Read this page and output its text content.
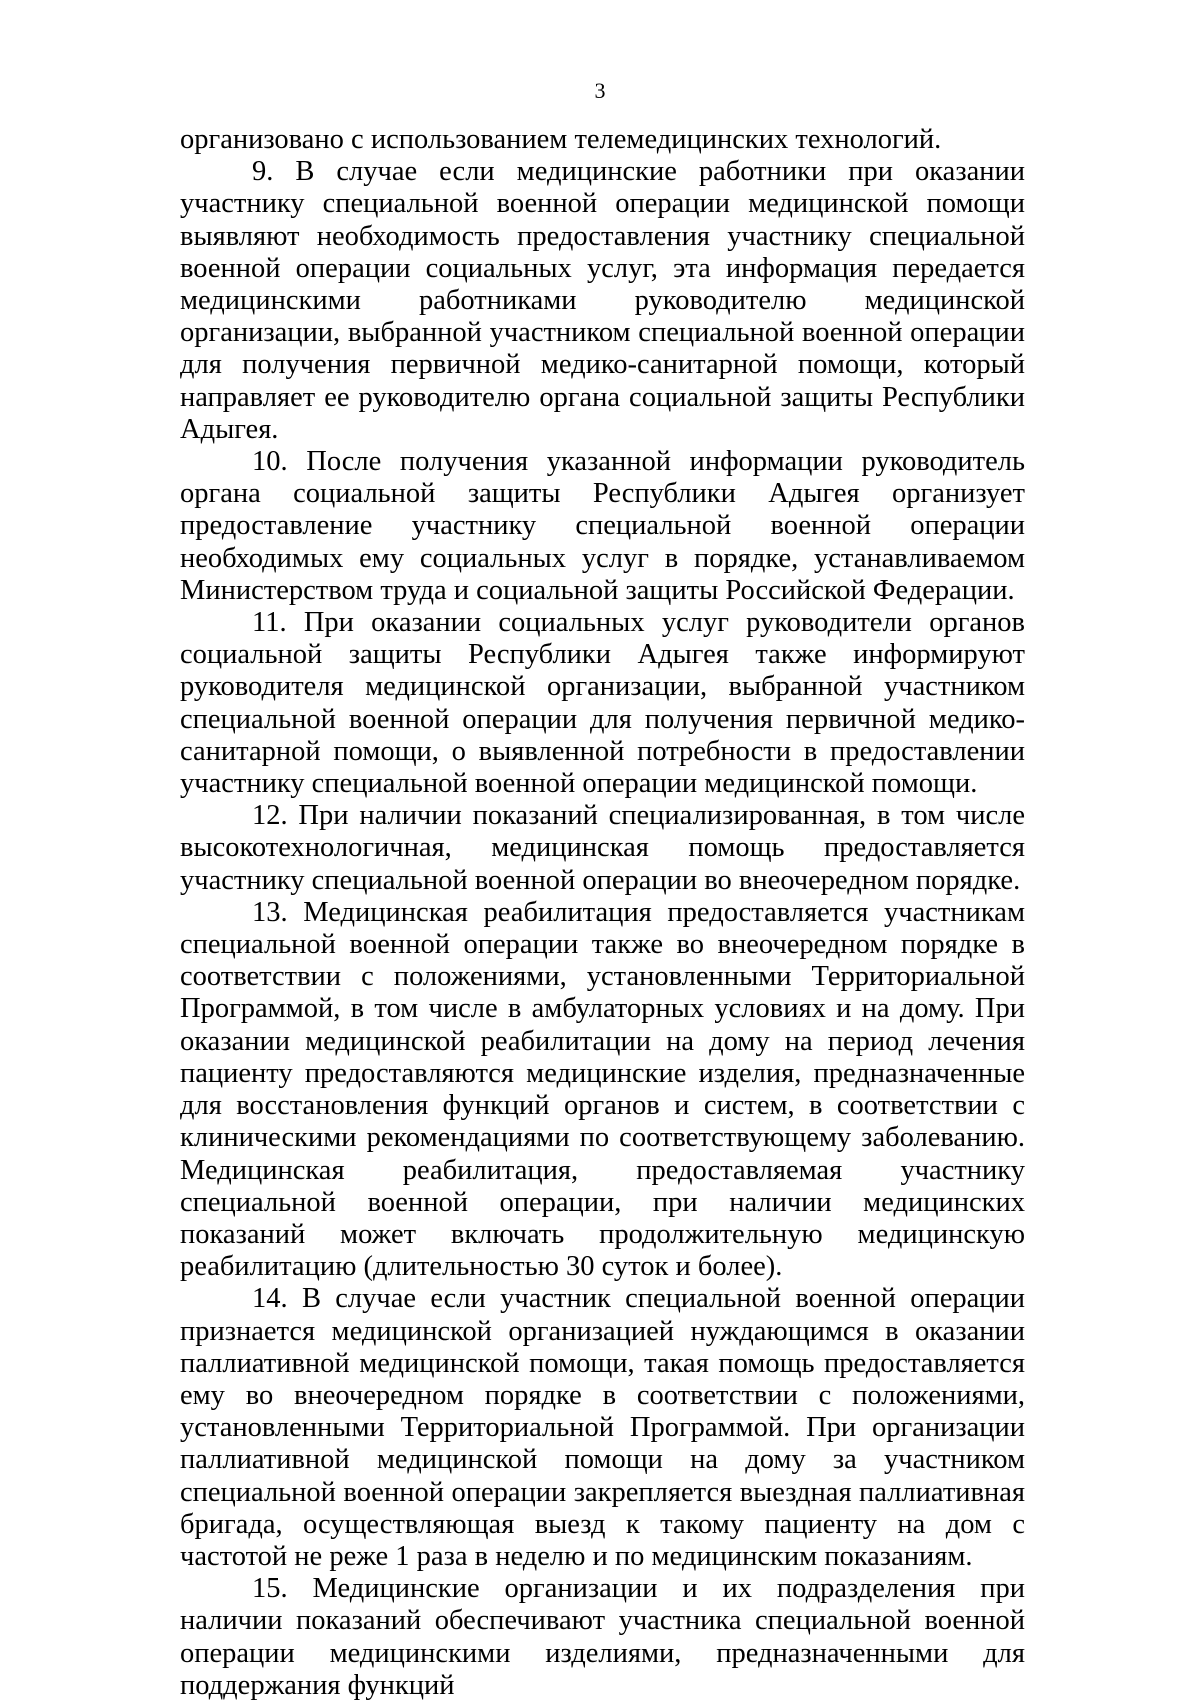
3

организовано с использованием телемедицинских технологий.

9. В случае если медицинские работники при оказании участнику специальной военной операции медицинской помощи выявляют необходимость предоставления участнику специальной военной операции социальных услуг, эта информация передается медицинскими работниками руководителю медицинской организации, выбранной участником специальной военной операции для получения первичной медико-санитарной помощи, который направляет ее руководителю органа социальной защиты Республики Адыгея.

10. После получения указанной информации руководитель органа социальной защиты Республики Адыгея организует предоставление участнику специальной военной операции необходимых ему социальных услуг в порядке, устанавливаемом Министерством труда и социальной защиты Российской Федерации.

11. При оказании социальных услуг руководители органов социальной защиты Республики Адыгея также информируют руководителя медицинской организации, выбранной участником специальной военной операции для получения первичной медико-санитарной помощи, о выявленной потребности в предоставлении участнику специальной военной операции медицинской помощи.

12. При наличии показаний специализированная, в том числе высокотехнологичная, медицинская помощь предоставляется участнику специальной военной операции во внеочередном порядке.

13. Медицинская реабилитация предоставляется участникам специальной военной операции также во внеочередном порядке в соответствии с положениями, установленными Территориальной Программой, в том числе в амбулаторных условиях и на дому. При оказании медицинской реабилитации на дому на период лечения пациенту предоставляются медицинские изделия, предназначенные для восстановления функций органов и систем, в соответствии с клиническими рекомендациями по соответствующему заболеванию. Медицинская реабилитация, предоставляемая участнику специальной военной операции, при наличии медицинских показаний может включать продолжительную медицинскую реабилитацию (длительностью 30 суток и более).

14. В случае если участник специальной военной операции признается медицинской организацией нуждающимся в оказании паллиативной медицинской помощи, такая помощь предоставляется ему во внеочередном порядке в соответствии с положениями, установленными Территориальной Программой. При организации паллиативной медицинской помощи на дому за участником специальной военной операции закрепляется выездная паллиативная бригада, осуществляющая выезд к такому пациенту на дом с частотой не реже 1 раза в неделю и по медицинским показаниям.

15. Медицинские организации и их подразделения при наличии показаний обеспечивают участника специальной военной операции медицинскими изделиями, предназначенными для поддержания функций
